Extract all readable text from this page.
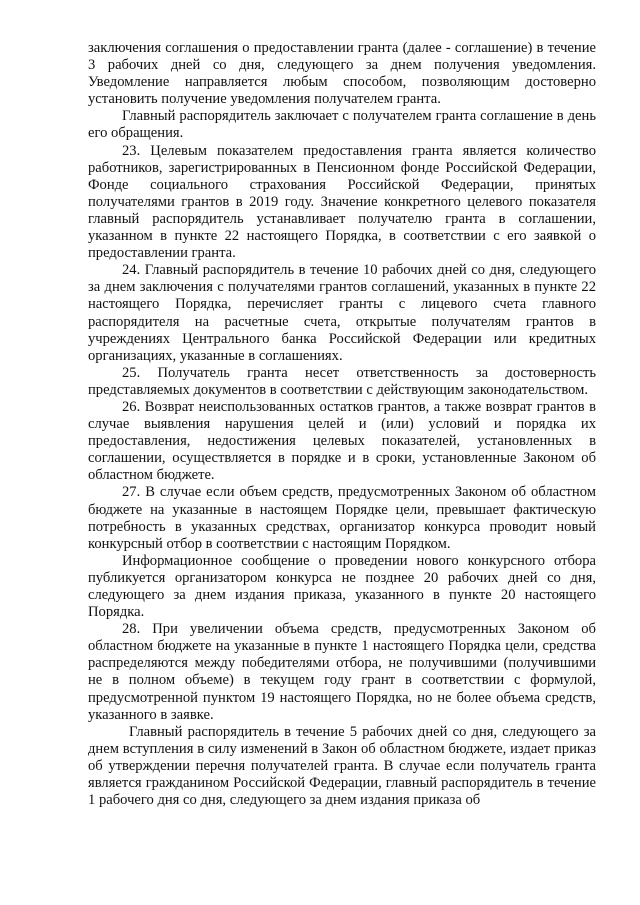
заключения соглашения о предоставлении гранта (далее - соглашение) в течение 3 рабочих дней со дня, следующего за днем получения уведомления. Уведомление направляется любым способом, позволяющим достоверно установить получение уведомления получателем гранта.

Главный распорядитель заключает с получателем гранта соглашение в день его обращения.

23. Целевым показателем предоставления гранта является количество работников, зарегистрированных в Пенсионном фонде Российской Федерации, Фонде социального страхования Российской Федерации, принятых получателями грантов в 2019 году. Значение конкретного целевого показателя главный распорядитель устанавливает получателю гранта в соглашении, указанном в пункте 22 настоящего Порядка, в соответствии с его заявкой о предоставлении гранта.

24. Главный распорядитель в течение 10 рабочих дней со дня, следующего за днем заключения с получателями грантов соглашений, указанных в пункте 22 настоящего Порядка, перечисляет гранты с лицевого счета главного распорядителя на расчетные счета, открытые получателям грантов в учреждениях Центрального банка Российской Федерации или кредитных организациях, указанные в соглашениях.

25. Получатель гранта несет ответственность за достоверность представляемых документов в соответствии с действующим законодательством.

26. Возврат неиспользованных остатков грантов, а также возврат грантов в случае выявления нарушения целей и (или) условий и порядка их предоставления, недостижения целевых показателей, установленных в соглашении, осуществляется в порядке и в сроки, установленные Законом об областном бюджете.

27. В случае если объем средств, предусмотренных Законом об областном бюджете на указанные в настоящем Порядке цели, превышает фактическую потребность в указанных средствах, организатор конкурса проводит новый конкурсный отбор в соответствии с настоящим Порядком.

Информационное сообщение о проведении нового конкурсного отбора публикуется организатором конкурса не позднее 20 рабочих дней со дня, следующего за днем издания приказа, указанного в пункте 20 настоящего Порядка.

28. При увеличении объема средств, предусмотренных Законом об областном бюджете на указанные в пункте 1 настоящего Порядка цели, средства распределяются между победителями отбора, не получившими (получившими не в полном объеме) в текущем году грант в соответствии с формулой, предусмотренной пунктом 19 настоящего Порядка, но не более объема средств, указанного в заявке.

Главный распорядитель в течение 5 рабочих дней со дня, следующего за днем вступления в силу изменений в Закон об областном бюджете, издает приказ об утверждении перечня получателей гранта. В случае если получатель гранта является гражданином Российской Федерации, главный распорядитель в течение 1 рабочего дня со дня, следующего за днем издания приказа об
